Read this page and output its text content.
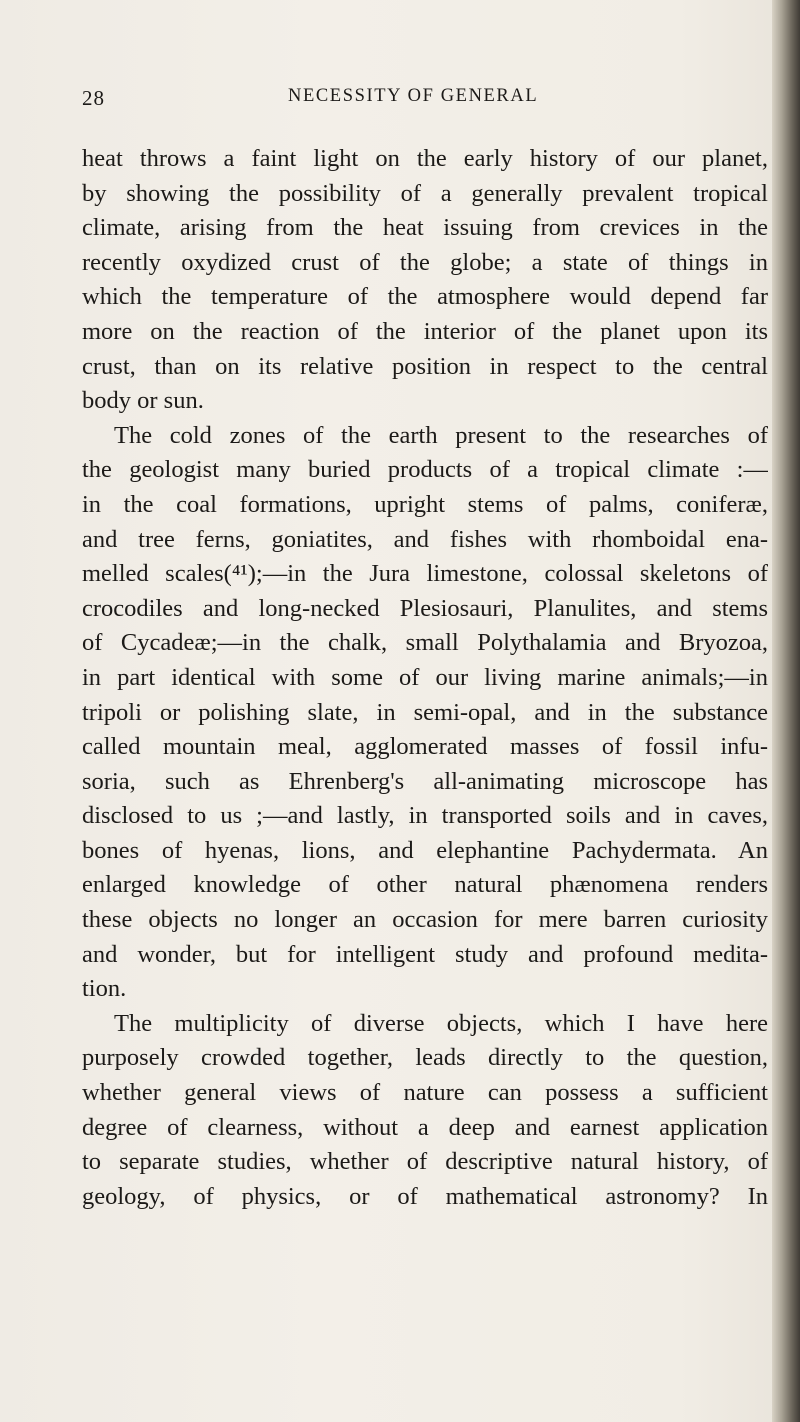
28	NECESSITY OF GENERAL
heat throws a faint light on the early history of our planet,
by showing the possibility of a generally prevalent tropical
climate, arising from the heat issuing from crevices in the
recently oxydized crust of the globe; a state of things in
which the temperature of the atmosphere would depend far
more on the reaction of the interior of the planet upon its
crust, than on its relative position in respect to the central
body or sun.
The cold zones of the earth present to the researches of
the geologist many buried products of a tropical climate :—
in the coal formations, upright stems of palms, coniferæ,
and tree ferns, goniatites, and fishes with rhomboidal ena-
melled scales(⁴¹);—in the Jura limestone, colossal skeletons of
crocodiles and long-necked Plesiosauri, Planulites, and stems
of Cycadeæ;—in the chalk, small Polythalamia and Bryozoa,
in part identical with some of our living marine animals;—in
tripoli or polishing slate, in semi-opal, and in the substance
called mountain meal, agglomerated masses of fossil infu-
soria, such as Ehrenberg's all-animating microscope has
disclosed to us ;—and lastly, in transported soils and in caves,
bones of hyenas, lions, and elephantine Pachydermata. An
enlarged knowledge of other natural phænomena renders
these objects no longer an occasion for mere barren curiosity
and wonder, but for intelligent study and profound medita-
tion.
The multiplicity of diverse objects, which I have here
purposely crowded together, leads directly to the question,
whether general views of nature can possess a sufficient
degree of clearness, without a deep and earnest application
to separate studies, whether of descriptive natural history, of
geology, of physics, or of mathematical astronomy? In
